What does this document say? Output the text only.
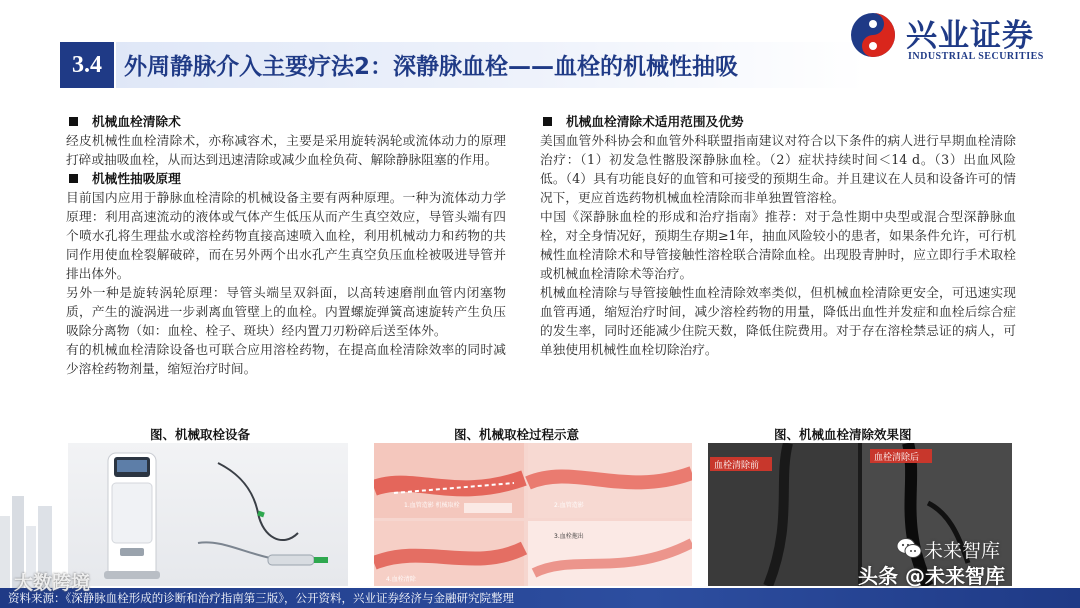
3.4 外周静脉介入主要疗法2：深静脉血栓——血栓的机械性抽吸
兴业证券
INDUSTRIAL SECURITIES
机械血栓清除术

经皮机械性血栓清除术，亦称减容术，主要是采用旋转涡轮或流体动力的原理打碎或抽吸血栓，从而达到迅速清除或减少血栓负荷、解除静脉阻塞的作用。

机械性抽吸原理

目前国内应用于静脉血栓清除的机械设备主要有两种原理。一种为流体动力学原理：利用高速流动的液体或气体产生低压从而产生真空效应，导管头端有四个喷水孔将生理盐水或溶栓药物直接高速喷入血栓，利用机械动力和药物的共同作用使血栓裂解破碎，而在另外两个出水孔产生真空负压血栓被吸进导管并排出体外。

另外一种是旋转涡轮原理：导管头端呈双斜面，以高转速磨削血管内闭塞物质，产生的漩涡进一步剥离血管壁上的血栓。内置螺旋弹簧高速旋转产生负压吸除分离物（如：血栓、栓子、斑块）经内置刀刃粉碎后送至体外。

有的机械血栓清除设备也可联合应用溶栓药物，在提高血栓清除效率的同时减少溶栓药物剂量，缩短治疗时间。

机械血栓清除术适用范围及优势

美国血管外科协会和血管外科联盟指南建议对符合以下条件的病人进行早期血栓清除治疗：（1）初发急性髂股深静脉血栓。（2）症状持续时间＜14 d。（3）出血风险低。（4）具有功能良好的血管和可接受的预期生命。并且建议在人员和设备许可的情况下，更应首选药物机械血栓清除而非单独置管溶栓。

中国《深静脉血栓的形成和治疗指南》推荐：对于急性期中央型或混合型深静脉血栓，对全身情况好，预期生存期≥1年，抽血风险较小的患者，如果条件允许，可行机械性血栓清除术和导管接触性溶栓联合清除血栓。出现股青肿时，应立即行手术取栓或机械血栓清除术等治疗。

机械血栓清除与导管接触性血栓清除效率类似，但机械血栓清除更安全，可迅速实现血管再通，缩短治疗时间，减少溶栓药物的用量，降低出血性并发症和血栓后综合症的发生率，同时还能减少住院天数，降低住院费用。对于存在溶栓禁忌证的病人，可单独使用机械性血栓切除治疗。

图、机械取栓设备	图、机械取栓过程示意	图、机械血栓清除效果图
1.血管造影 机械取栓	2.血管造影
4.血栓清除
3.血栓拖出
血栓清除前
血栓清除后
资料来源：《深静脉血栓形成的诊断和治疗指南第三版》，公开资料，兴业证券经济与金融研究院整理
大数跨境
未来智库
头条 @未来智库
